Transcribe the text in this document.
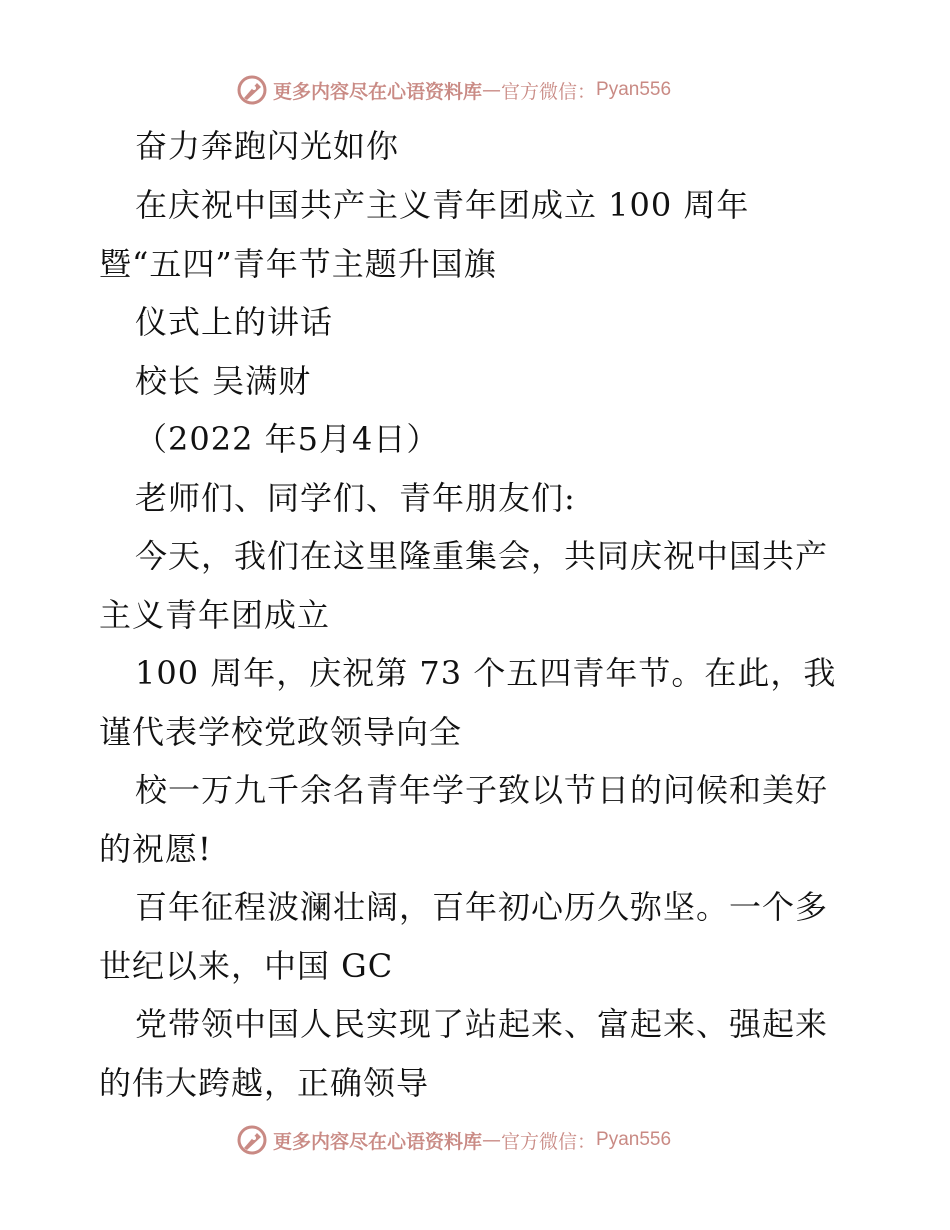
更多内容尽在心语资料库 — 官方微信： Pyan556
奋力奔跑闪光如你
在庆祝中国共产主义青年团成立 100 周年
暨“五四”青年节主题升国旗
仪式上的讲话
校长 吴满财
（2022 年5月4日）
老师们、同学们、青年朋友们:
今天，我们在这里隆重集会，共同庆祝中国共产
主义青年团成立
100 周年，庆祝第 73 个五四青年节。在此，我
谨代表学校党政领导向全
校一万九千余名青年学子致以节日的问候和美好
的祝愿!
百年征程波澜壮阔，百年初心历久弥坚。一个多
世纪以来，中国 GC
党带领中国人民实现了站起来、富起来、强起来
的伟大跨越，正确领导
更多内容尽在心语资料库 — 官方微信： Pyan556
